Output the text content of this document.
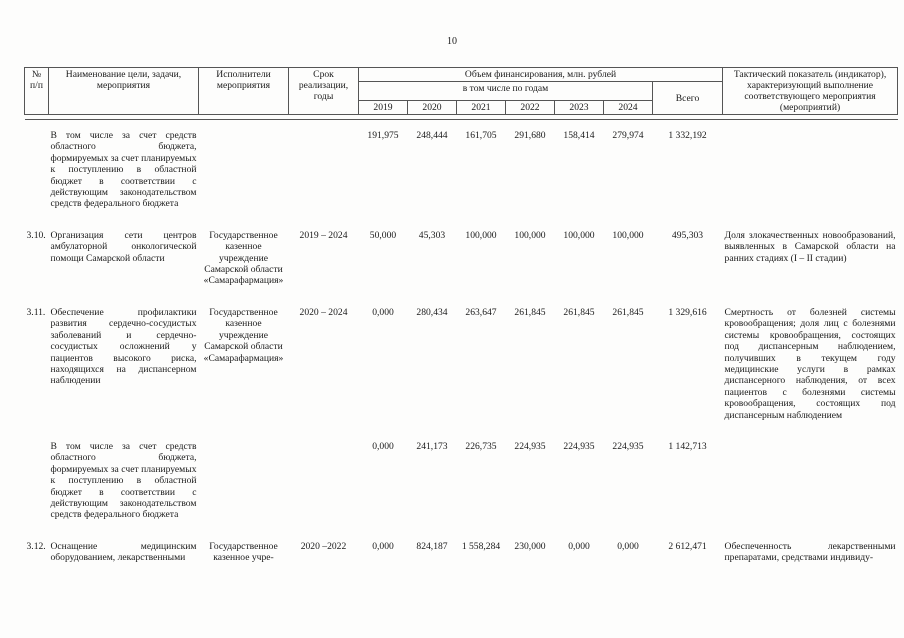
10
№ п/п	Наименование цели, задачи, мероприятия	Исполнители мероприятия	Срок реализации, годы	Объем финансирования, млн. рублей							Тактический показатель (индикатор), характеризующий выполнение соответствующего мероприятия (мероприятий)
				в том числе по годам						Всего	
				2019	2020	2021	2022	2023	2024		

	В том числе за счет средств областного бюджета, формируемых за счет планируемых к поступлению в областной бюджет в соответствии с действующим законодательством средств федерального бюджета			191,975	248,444	161,705	291,680	158,414	279,974	1 332,192	

3.10.	Организация сети центров амбулаторной онкологической помощи Самарской области	Государственное казенное учреждение Самарской области «Самарафармация»	2019 – 2024	50,000	45,303	100,000	100,000	100,000	100,000	495,303	Доля злокачественных новообразований, выявленных в Самарской области на ранних стадиях (I – II стадии)

3.11.	Обеспечение профилактики развития сердечно-сосудистых заболеваний и сердечно-сосудистых осложнений у пациентов высокого риска, находящихся на диспансерном наблюдении	Государственное казенное учреждение Самарской области «Самарафармация»	2020 – 2024	0,000	280,434	263,647	261,845	261,845	261,845	1 329,616	Смертность от болезней системы кровообращения; доля лиц с болезнями системы кровообращения, состоящих под диспансерным наблюдением, получивших в текущем году медицинские услуги в рамках диспансерного наблюдения, от всех пациентов с болезнями системы кровообращения, состоящих под диспансерным наблюдением

	В том числе за счет средств областного бюджета, формируемых за счет планируемых к поступлению в областной бюджет в соответствии с действующим законодательством средств федерального бюджета			0,000	241,173	226,735	224,935	224,935	224,935	1 142,713	

3.12.	Оснащение медицинским оборудованием, лекарственными	Государственное казенное учре-	2020 –2022	0,000	824,187	1 558,284	230,000	0,000	0,000	2 612,471	Обеспеченность лекарственными препаратами, средствами индивиду-
